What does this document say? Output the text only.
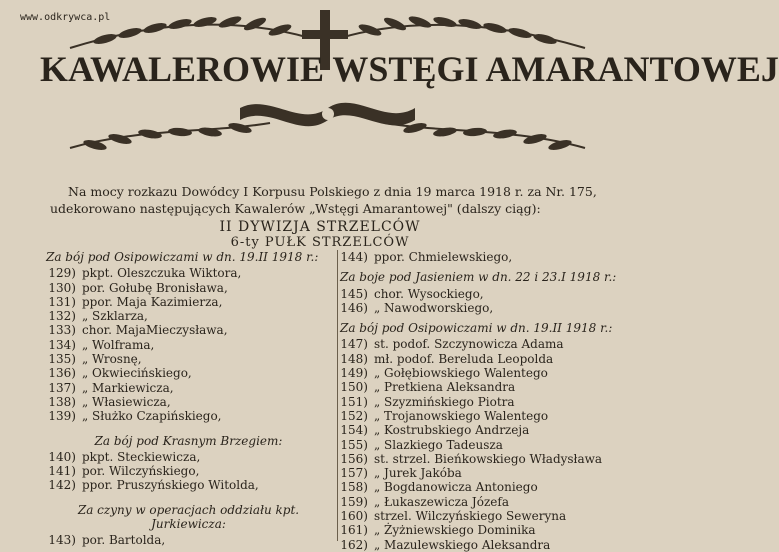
www.odkrywca.pl
KAWALEROWIE WSTĘGI AMARANTOWEJ
Na mocy rozkazu Dowódcy I Korpusu Polskiego z dnia 19 marca 1918 r. za Nr. 175, udekorowano następujących Kawalerów „Wstęgi Amarantowej" (dalszy ciąg):
II DYWIZJA STRZELCÓW
6-ty PUŁK STRZELCÓW
Za bój pod Osipowiczami w dn. 19.II 1918 r.:
129) pkpt. Oleszczuka Wiktora,
130) por. Gołubę Bronisława,
131) ppor. Maja Kazimierza,
132) „ Szklarza,
133) chor. MajaMieczysława,
134) „ Wolframa,
135) „ Wrosnę,
136) „ Okwiecińskiego,
137) „ Markiewicza,
138) „ Własiewicza,
139) „ Służko Czapińskiego,
Za bój pod Krasnym Brzegiem:
140) pkpt. Steckiewicza,
141) por. Wilczyńskiego,
142) ppor. Pruszyńskiego Witolda,
Za czyny w operacjach oddziału kpt. Jurkiewicza:
143) por. Bartolda,
144) ppor. Chmielewskiego,
Za boje pod Jasieniem w dn. 22 i 23.I 1918 r.:
145) chor. Wysockiego,
146) „ Nawodworskiego,
Za bój pod Osipowiczami w dn. 19.II 1918 r.:
147) st. podof. Szczynowicza Adama
148) mł. podof. Bereluda Leopolda
149) „ Gołębiowskiego Walentego
150) „ Pretkiena Aleksandra
151) „ Szyzmińskiego Piotra
152) „ Trojanowskiego Walentego
154) „ Kostrubskiego Andrzeja
155) „ Slazkiego Tadeusza
156) st. strzel. Bieńkowskiego Władysława
157) „ Jurek Jakóba
158) „ Bogdanowicza Antoniego
159) „ Łukaszewicza Józefa
160) strzel. Wilczyńskiego Seweryna
161) „ Żyżniewskiego Dominika
162) „ Mazulewskiego Aleksandra
